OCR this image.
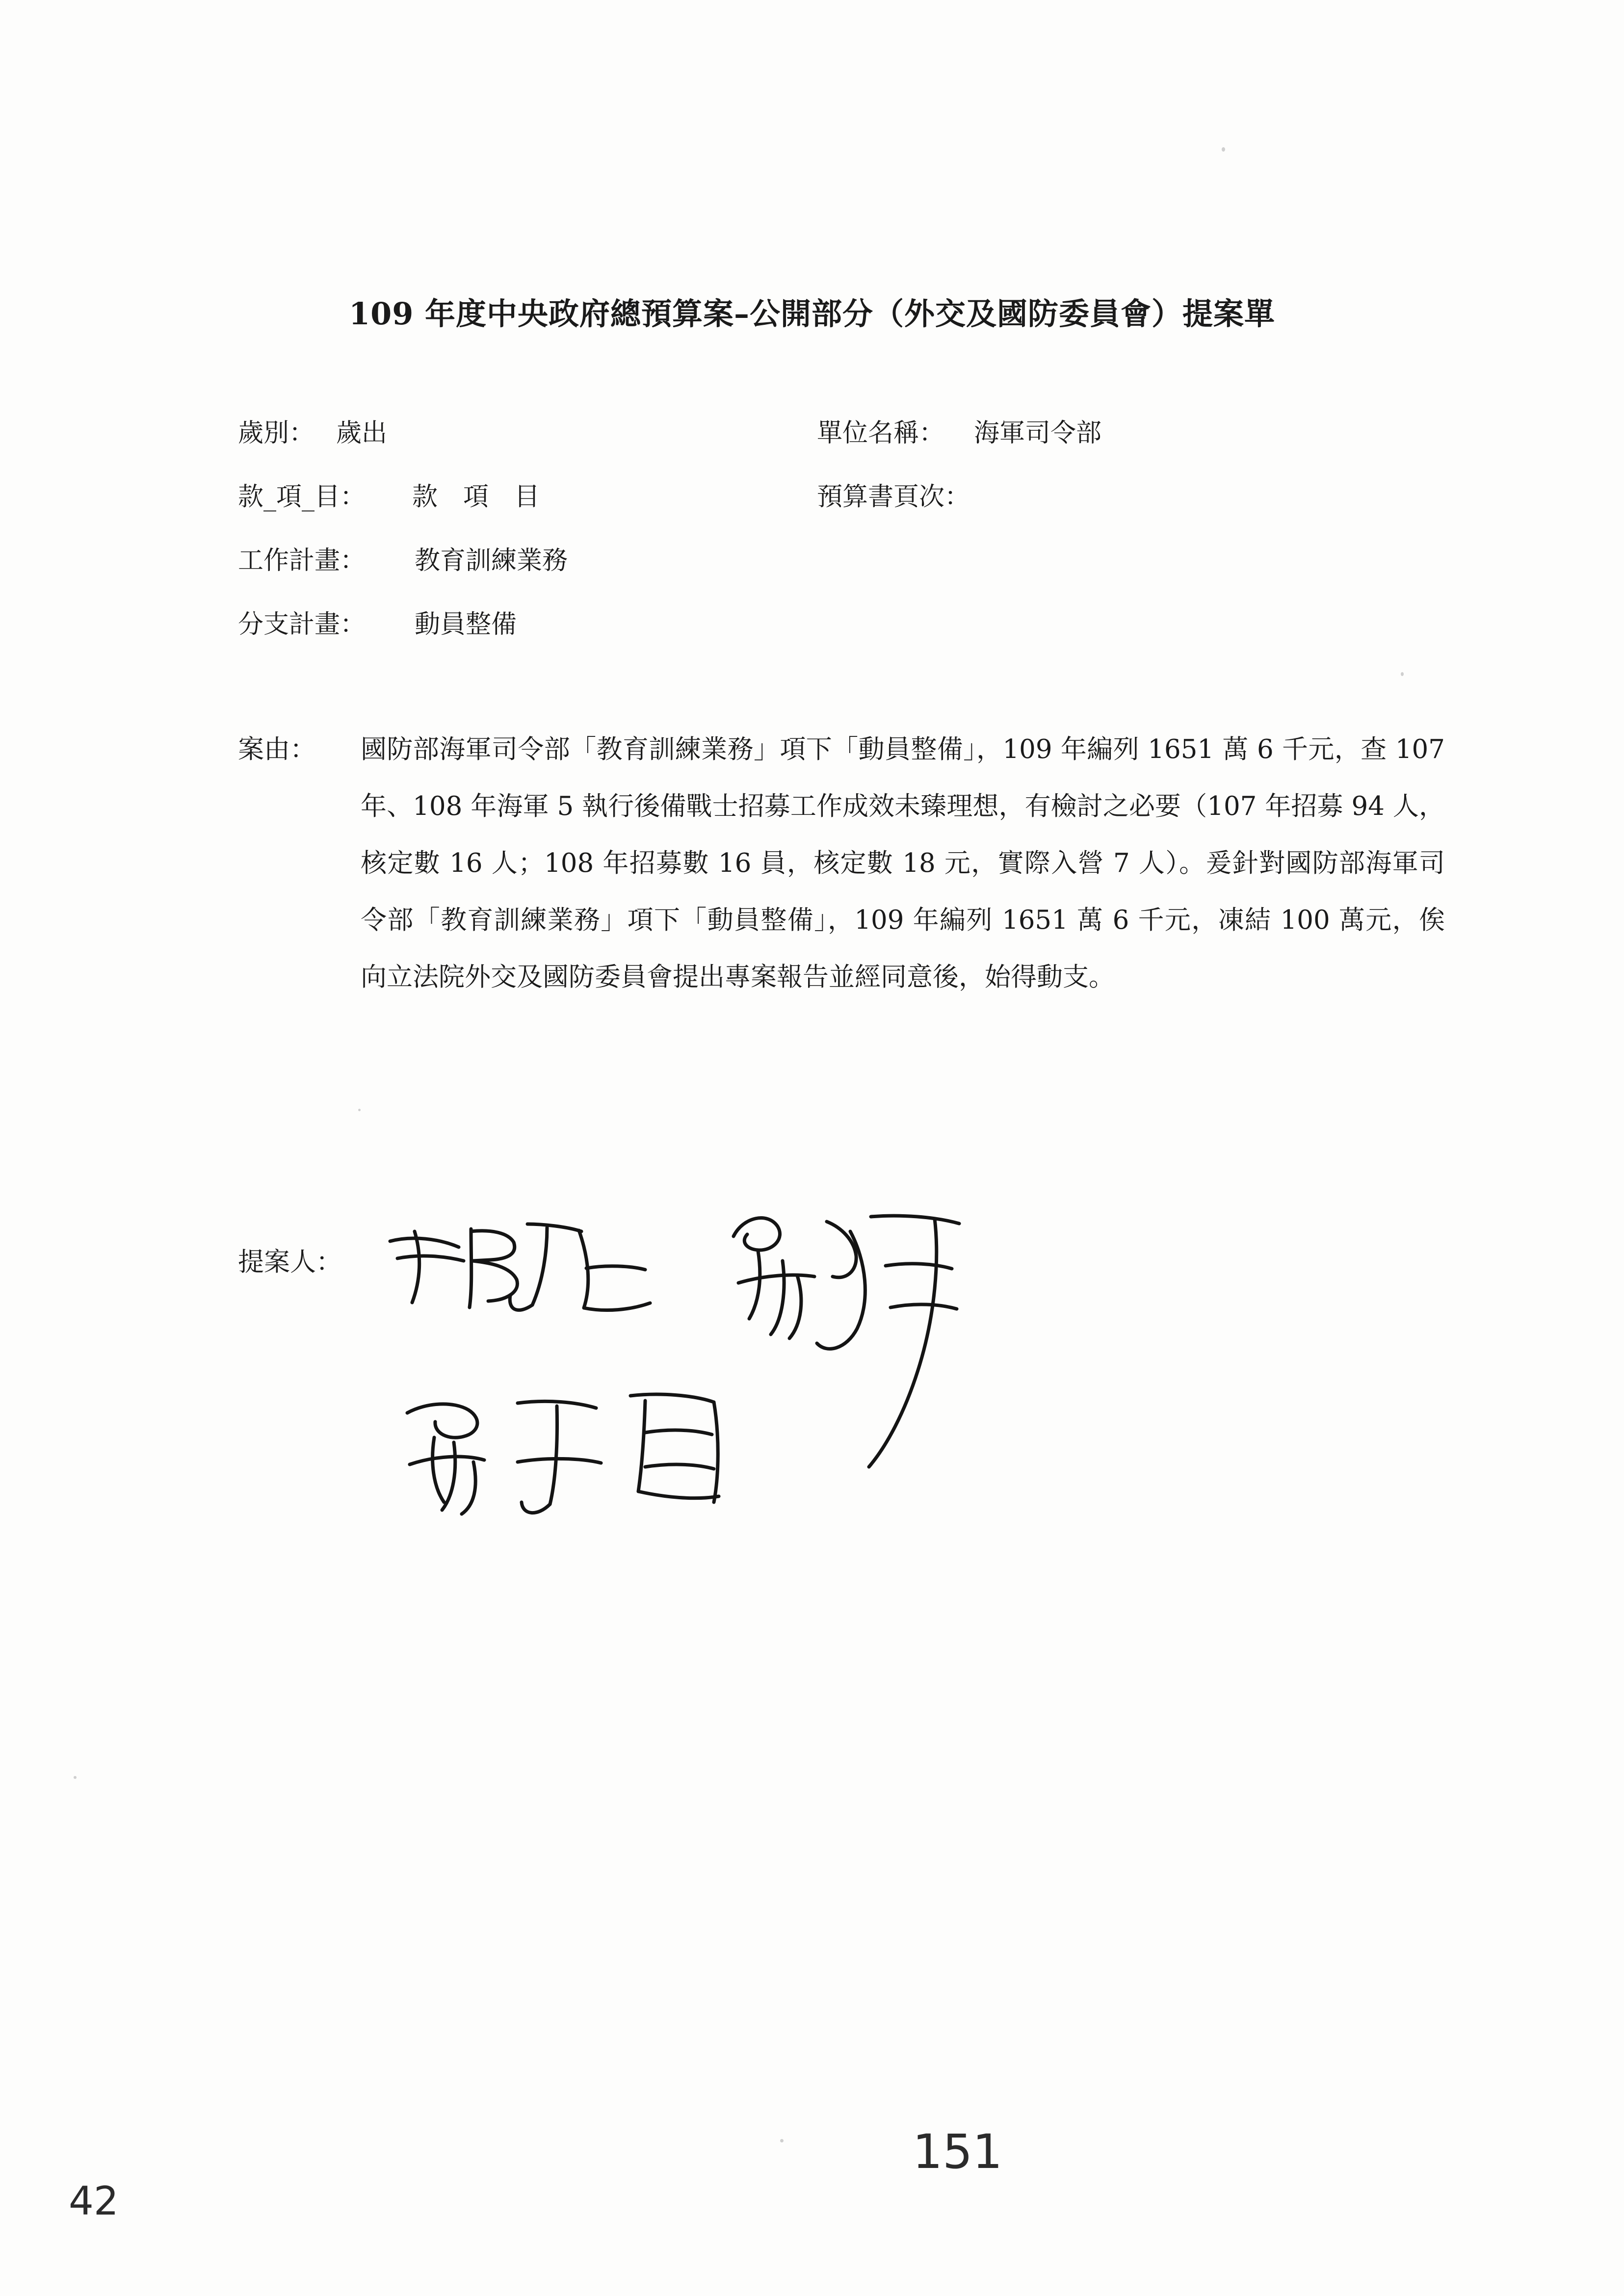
109 年度中央政府總預算案–公開部分（外交及國防委員會）提案單
歲別： 歲出	單位名稱： 海軍司令部
款_項_目： 款　項　目	預算書頁次：
工作計畫： 教育訓練業務
分支計畫： 動員整備
案由： 國防部海軍司令部「教育訓練業務」項下「動員整備」，109 年編列 1651 萬 6 千元，查 107 年、108 年海軍 5 執行後備戰士招募工作成效未臻理想，有檢討之必要（107 年招募 94 人，核定數 16 人；108 年招募數 16 員，核定數 18 元，實際入營 7 人）。爰針對國防部海軍司令部「教育訓練業務」項下「動員整備」，109 年編列 1651 萬 6 千元，凍結 100 萬元，俟向立法院外交及國防委員會提出專案報告並經同意後，始得動支。
提案人：
42
151
